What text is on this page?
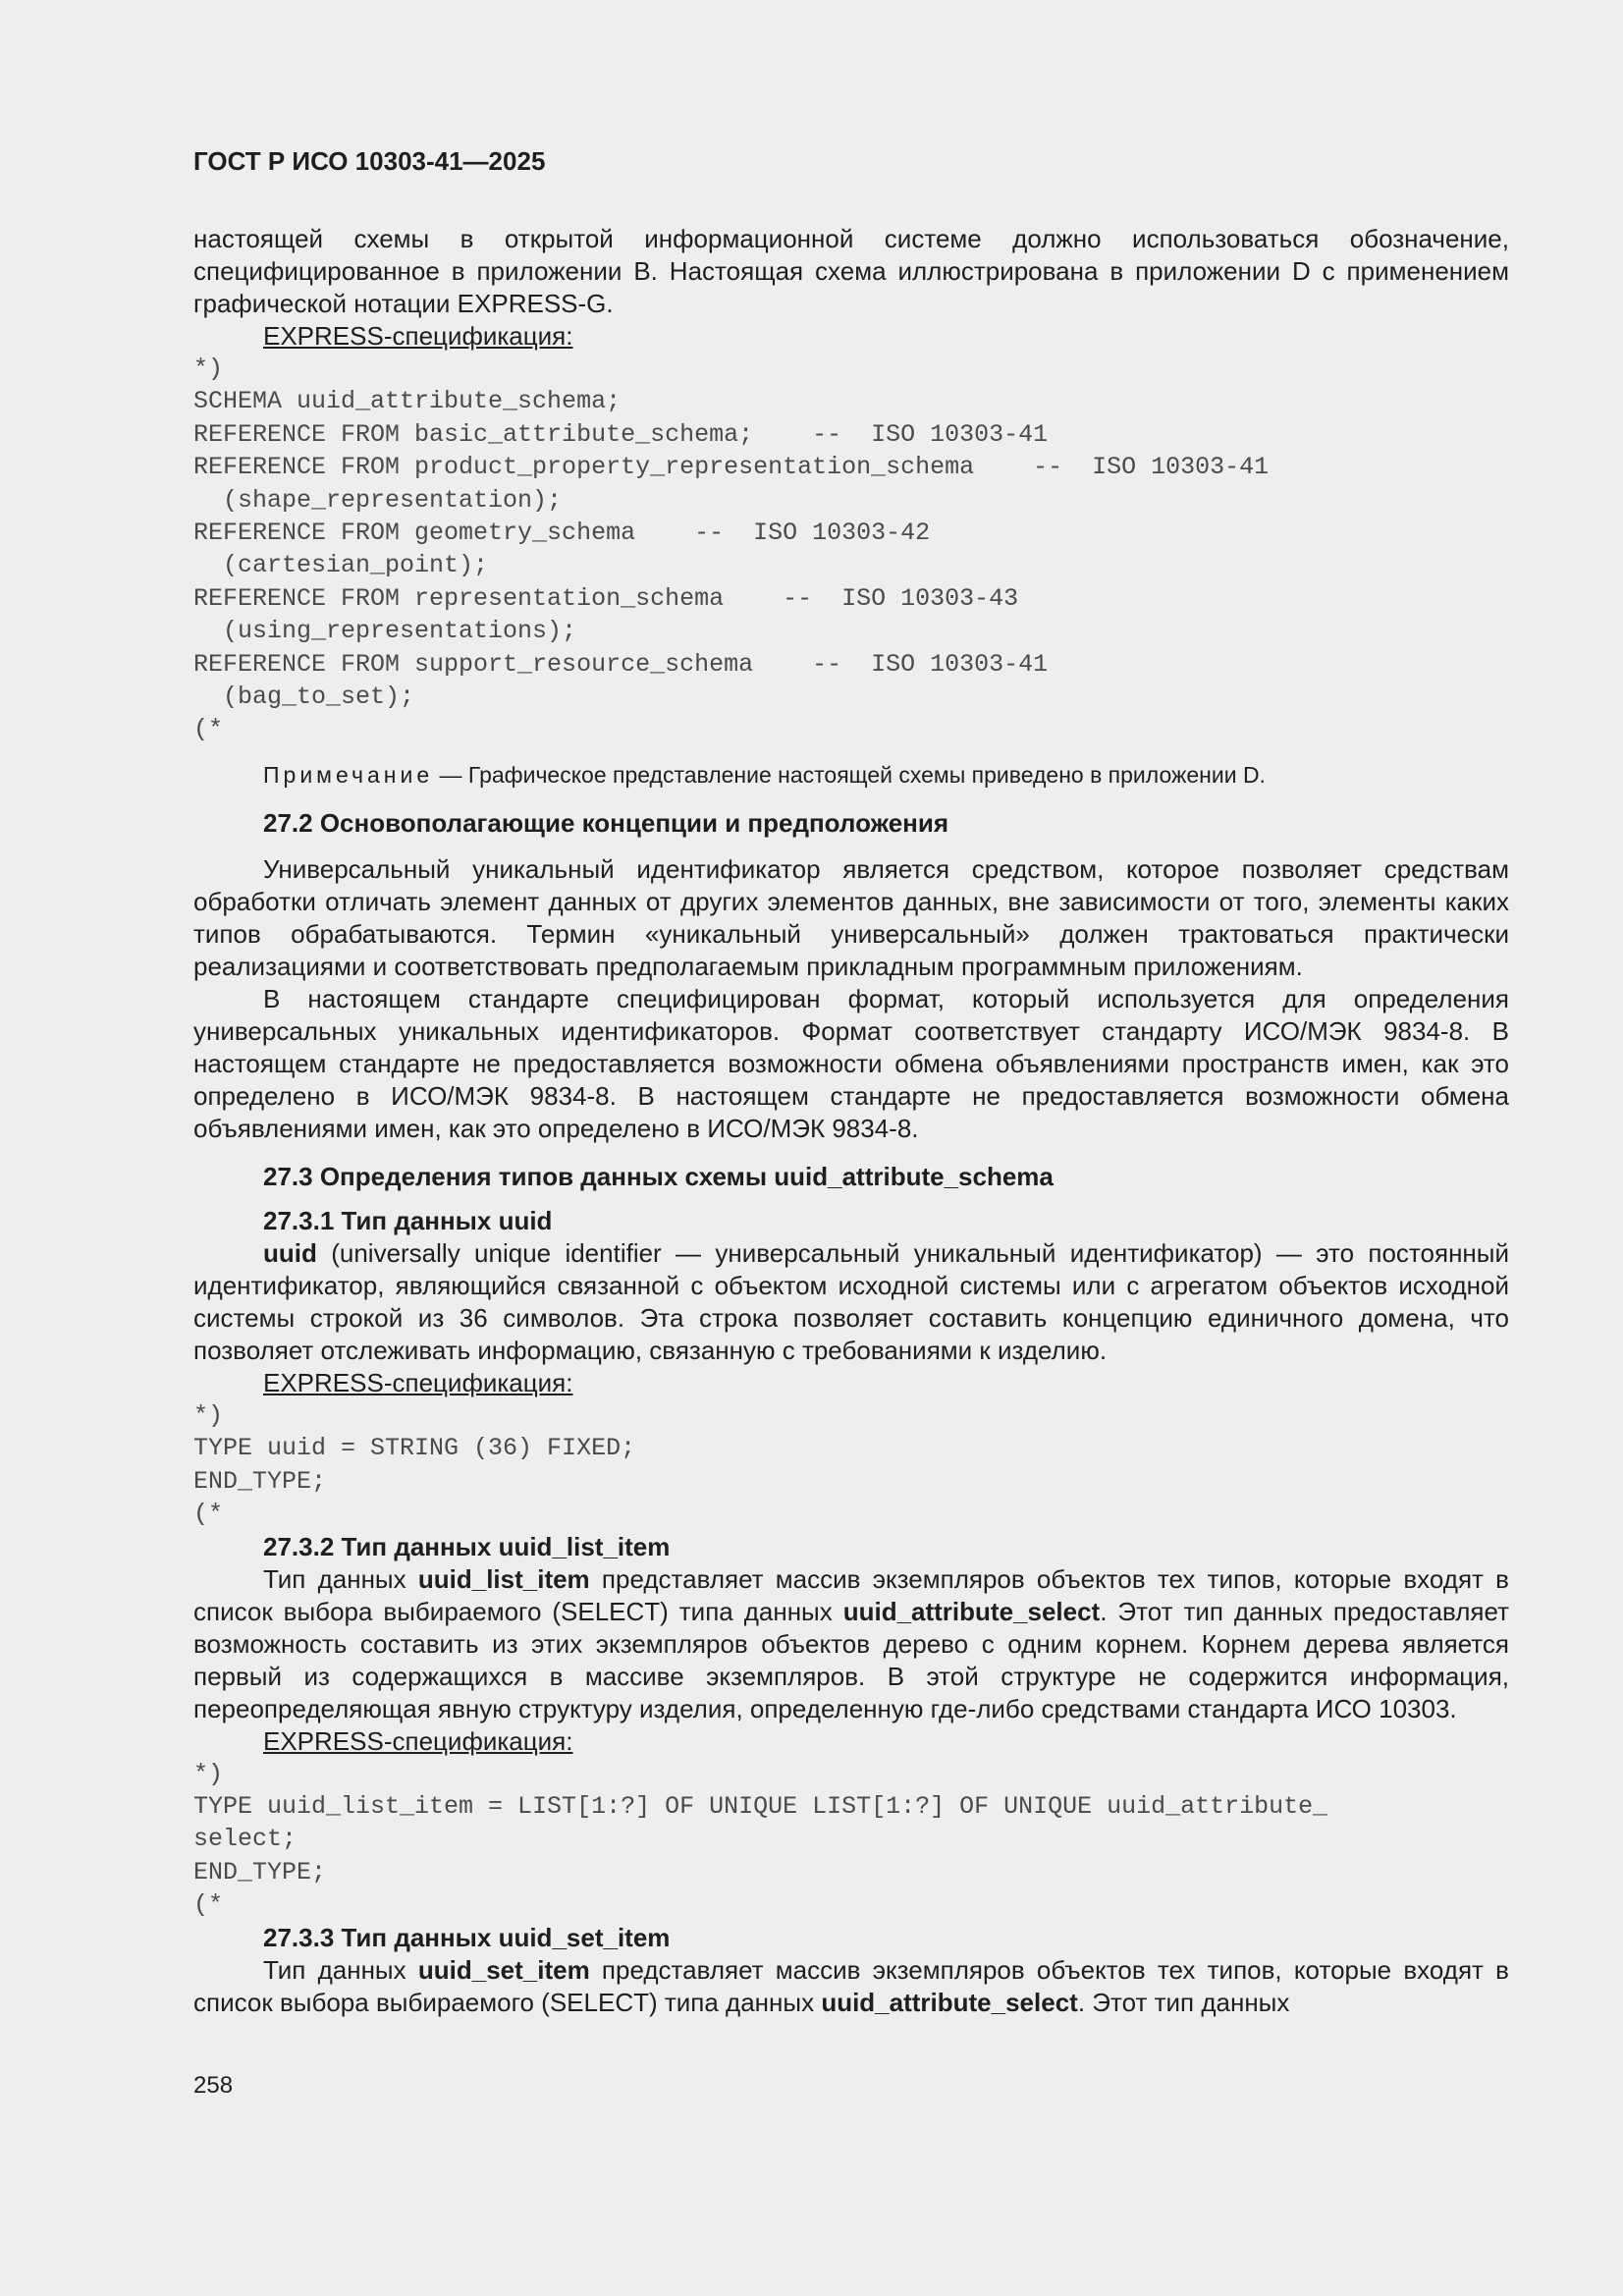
ГОСТ Р ИСО 10303-41—2025

настоящей схемы в открытой информационной системе должно использоваться обозначение, специфицированное в приложении B. Настоящая схема иллюстрирована в приложении D с применением графической нотации EXPRESS-G.

EXPRESS-спецификация:

*)
SCHEMA uuid_attribute_schema;
REFERENCE FROM basic_attribute_schema;    --  ISO 10303-41
REFERENCE FROM product_property_representation_schema    --  ISO 10303-41
(shape_representation);
REFERENCE FROM geometry_schema    --  ISO 10303-42
(cartesian_point);
REFERENCE FROM representation_schema    --  ISO 10303-43
(using_representations);
REFERENCE FROM support_resource_schema    --  ISO 10303-41
(bag_to_set);
(*

Примечание — Графическое представление настоящей схемы приведено в приложении D.

27.2 Основополагающие концепции и предположения

Универсальный уникальный идентификатор является средством, которое позволяет средствам обработки отличать элемент данных от других элементов данных, вне зависимости от того, элементы каких типов обрабатываются. Термин «уникальный универсальный» должен трактоваться практически реализациями и соответствовать предполагаемым прикладным программным приложениям.

В настоящем стандарте специфицирован формат, который используется для определения универсальных уникальных идентификаторов. Формат соответствует стандарту ИСО/МЭК 9834-8. В настоящем стандарте не предоставляется возможности обмена объявлениями пространств имен, как это определено в ИСО/МЭК 9834-8. В настоящем стандарте не предоставляется возможности обмена объявлениями имен, как это определено в ИСО/МЭК 9834-8.

27.3 Определения типов данных схемы uuid_attribute_schema

27.3.1 Тип данных uuid

uuid (universally unique identifier — универсальный уникальный идентификатор) — это постоянный идентификатор, являющийся связанной с объектом исходной системы или с агрегатом объектов исходной системы строкой из 36 символов. Эта строка позволяет составить концепцию единичного домена, что позволяет отслеживать информацию, связанную с требованиями к изделию.

EXPRESS-спецификация:

*)
TYPE uuid = STRING (36) FIXED;
END_TYPE;
(*

27.3.2 Тип данных uuid_list_item

Тип данных uuid_list_item представляет массив экземпляров объектов тех типов, которые входят в список выбора выбираемого (SELECT) типа данных uuid_attribute_select. Этот тип данных предоставляет возможность составить из этих экземпляров объектов дерево с одним корнем. Корнем дерева является первый из содержащихся в массиве экземпляров. В этой структуре не содержится информация, переопределяющая явную структуру изделия, определенную где-либо средствами стандарта ИСО 10303.

EXPRESS-спецификация:

*)
TYPE uuid_list_item = LIST[1:?] OF UNIQUE LIST[1:?] OF UNIQUE uuid_attribute_
select;
END_TYPE;
(*

27.3.3 Тип данных uuid_set_item

Тип данных uuid_set_item представляет массив экземпляров объектов тех типов, которые входят в список выбора выбираемого (SELECT) типа данных uuid_attribute_select. Этот тип данных

258
